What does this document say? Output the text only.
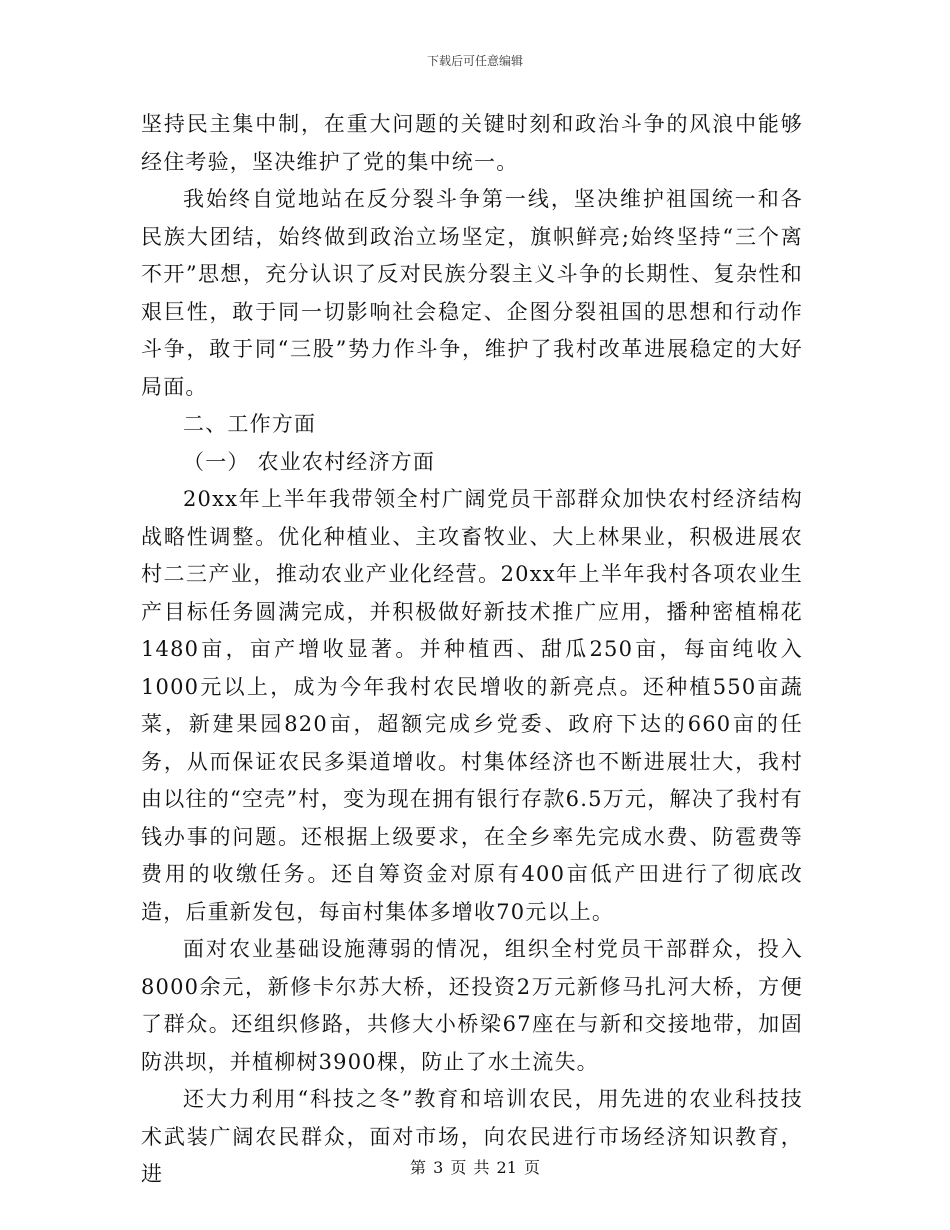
下载后可任意编辑

坚持民主集中制，在重大问题的关键时刻和政治斗争的风浪中能够经住考验，坚决维护了党的集中统一。

我始终自觉地站在反分裂斗争第一线，坚决维护祖国统一和各民族大团结，始终做到政治立场坚定，旗帜鲜亮;始终坚持“三个离不开”思想，充分认识了反对民族分裂主义斗争的长期性、复杂性和艰巨性，敢于同一切影响社会稳定、企图分裂祖国的思想和行动作斗争，敢于同“三股”势力作斗争，维护了我村改革进展稳定的大好局面。

二、工作方面

（一） 农业农村经济方面

20xx年上半年我带领全村广阔党员干部群众加快农村经济结构战略性调整。优化种植业、主攻畜牧业、大上林果业，积极进展农村二三产业，推动农业产业化经营。20xx年上半年我村各项农业生产目标任务圆满完成，并积极做好新技术推广应用，播种密植棉花1480亩，亩产增收显著。并种植西、甜瓜250亩，每亩纯收入1000元以上，成为今年我村农民增收的新亮点。还种植550亩蔬菜，新建果园820亩，超额完成乡党委、政府下达的660亩的任务，从而保证农民多渠道增收。村集体经济也不断进展壮大，我村由以往的“空壳”村，变为现在拥有银行存款6.5万元，解决了我村有钱办事的问题。还根据上级要求，在全乡率先完成水费、防雹费等费用的收缴任务。还自筹资金对原有400亩低产田进行了彻底改造，后重新发包，每亩村集体多增收70元以上。

面对农业基础设施薄弱的情况，组织全村党员干部群众，投入8000余元，新修卡尔苏大桥，还投资2万元新修马扎河大桥，方便了群众。还组织修路，共修大小桥梁67座在与新和交接地带，加固防洪坝，并植柳树3900棵，防止了水土流失。

还大力利用“科技之冬”教育和培训农民，用先进的农业科技技术武装广阔农民群众，面对市场，向农民进行市场经济知识教育，进	第 3 页 共 21 页
